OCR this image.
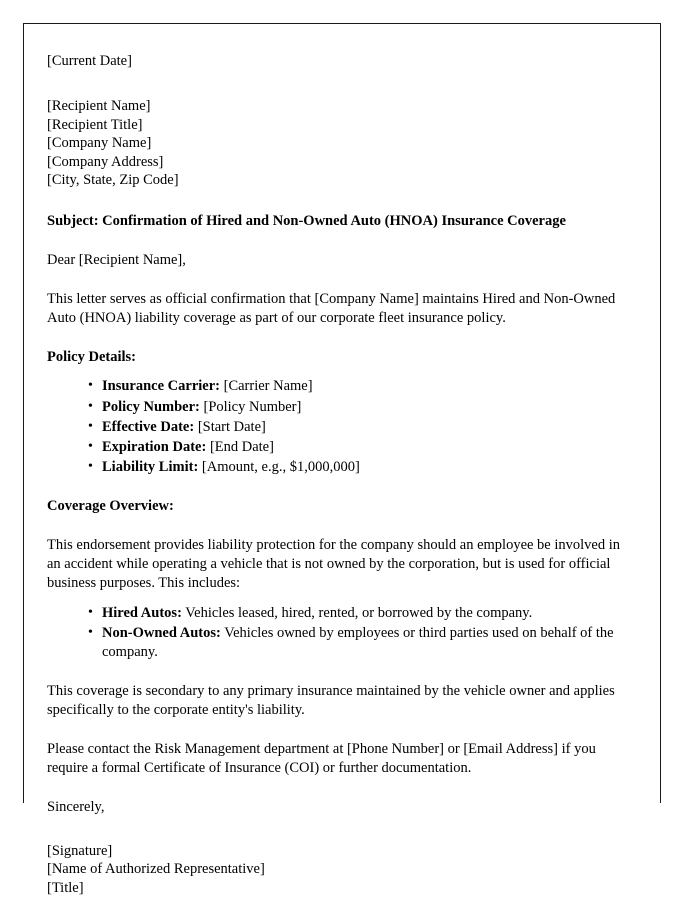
[Current Date]
[Recipient Name]
[Recipient Title]
[Company Name]
[Company Address]
[City, State, Zip Code]
Subject: Confirmation of Hired and Non-Owned Auto (HNOA) Insurance Coverage
Dear [Recipient Name],
This letter serves as official confirmation that [Company Name] maintains Hired and Non-Owned Auto (HNOA) liability coverage as part of our corporate fleet insurance policy.
Policy Details:
• Insurance Carrier: [Carrier Name]
• Policy Number: [Policy Number]
• Effective Date: [Start Date]
• Expiration Date: [End Date]
• Liability Limit: [Amount, e.g., $1,000,000]
Coverage Overview:
This endorsement provides liability protection for the company should an employee be involved in an accident while operating a vehicle that is not owned by the corporation, but is used for official business purposes. This includes:
• Hired Autos: Vehicles leased, hired, rented, or borrowed by the company.
• Non-Owned Autos: Vehicles owned by employees or third parties used on behalf of the company.
This coverage is secondary to any primary insurance maintained by the vehicle owner and applies specifically to the corporate entity's liability.
Please contact the Risk Management department at [Phone Number] or [Email Address] if you require a formal Certificate of Insurance (COI) or further documentation.
Sincerely,
[Signature]
[Name of Authorized Representative]
[Title]
